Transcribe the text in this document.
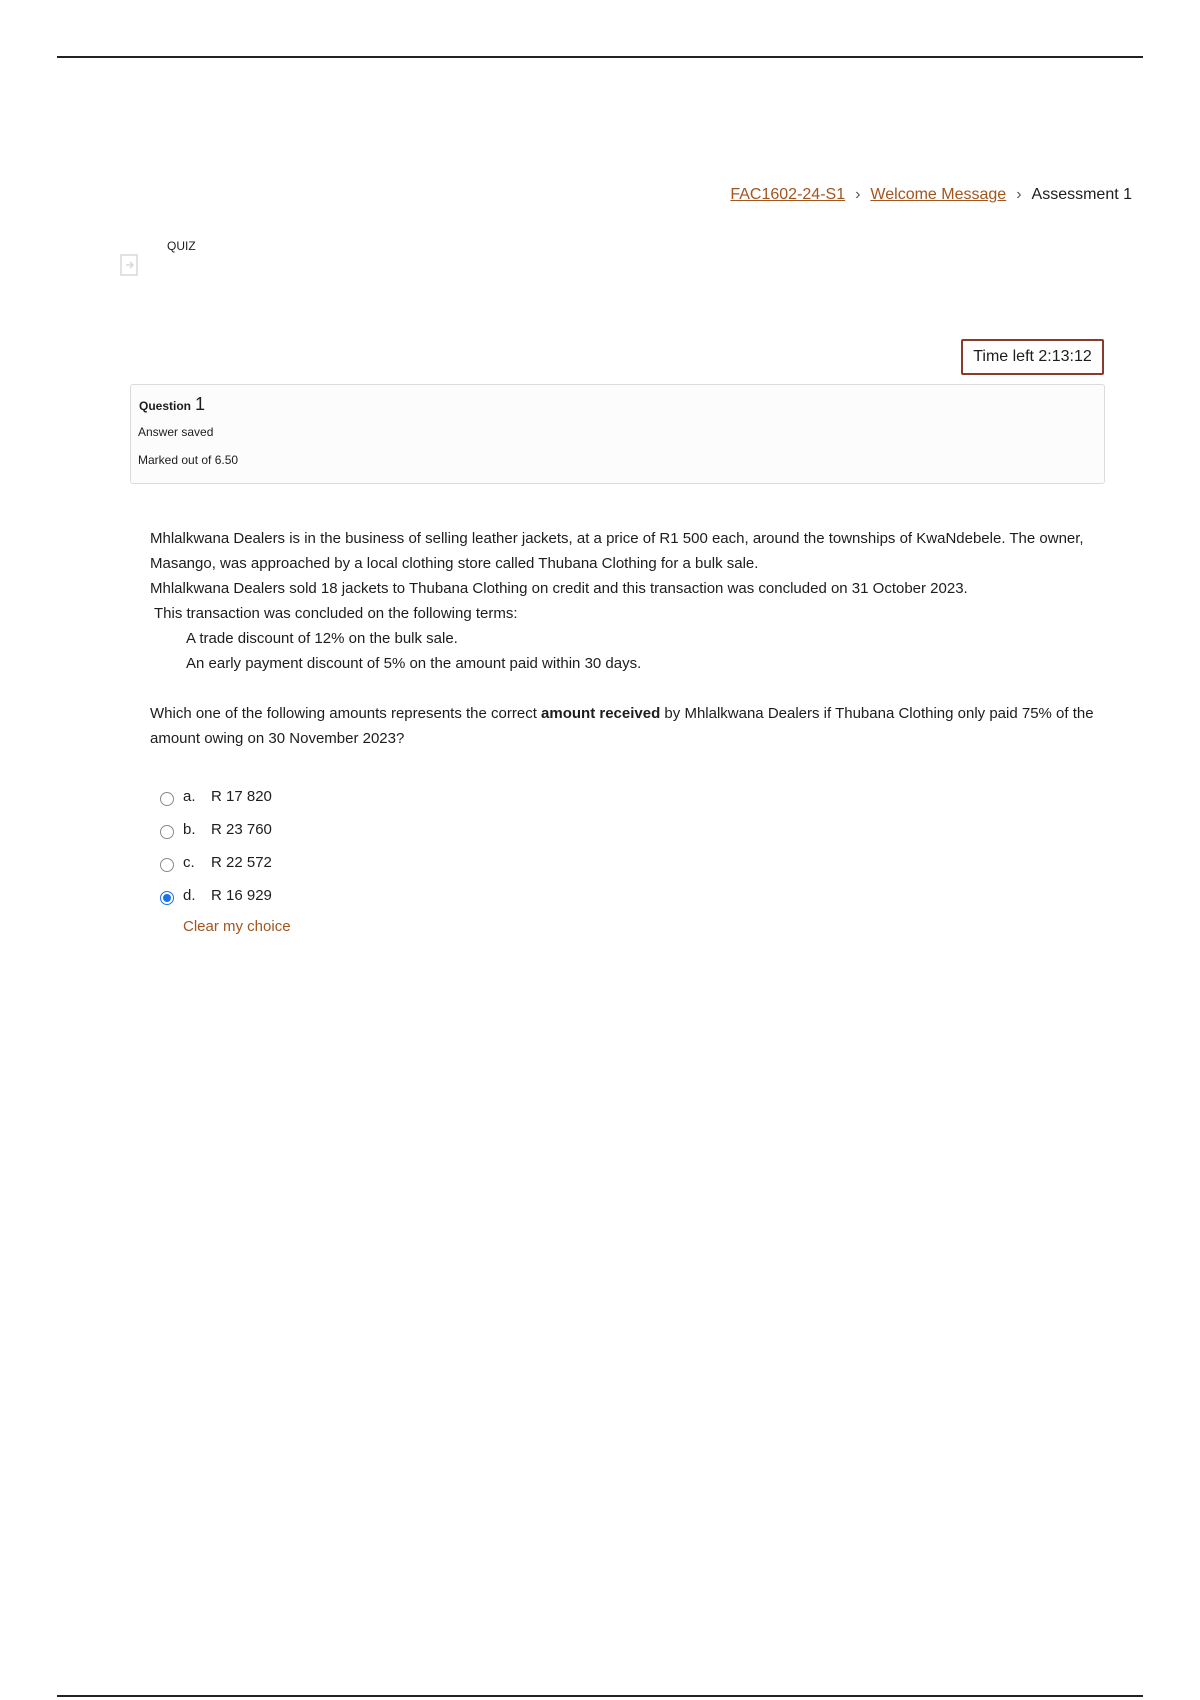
FAC1602-24-S1 › Welcome Message › Assessment 1
QUIZ
Time left 2:13:12
Question 1
Answer saved
Marked out of 6.50

Mhlalkwana Dealers is in the business of selling leather jackets, at a price of R1 500 each, around the townships of KwaNdebele. The owner, Masango, was approached by a local clothing store called Thubana Clothing for a bulk sale.

Mhlalkwana Dealers sold 18 jackets to Thubana Clothing on credit and this transaction was concluded on 31 October 2023.

This transaction was concluded on the following terms:

A trade discount of 12% on the bulk sale.

An early payment discount of 5% on the amount paid within 30 days.

Which one of the following amounts represents the correct amount received by Mhlalkwana Dealers if Thubana Clothing only paid 75% of the amount owing on 30 November 2023?

a.	R 17 820
b.	R 23 760
c.	R 22 572
d.	R 16 929
Clear my choice
